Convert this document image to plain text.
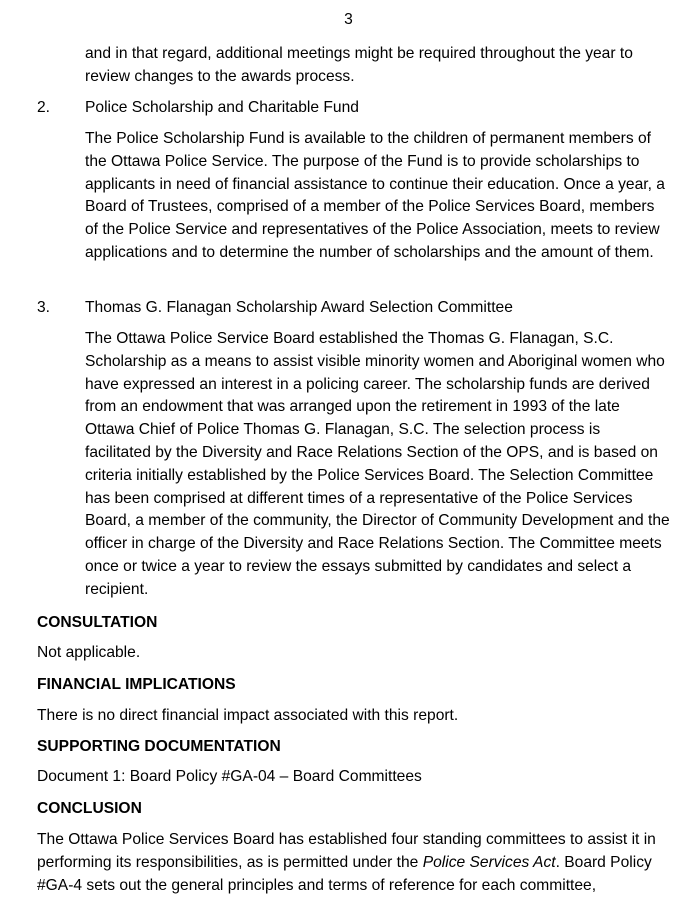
3

and in that regard, additional meetings might be required throughout the year to review changes to the awards process.

2. Police Scholarship and Charitable Fund

The Police Scholarship Fund is available to the children of permanent members of the Ottawa Police Service. The purpose of the Fund is to provide scholarships to applicants in need of financial assistance to continue their education. Once a year, a Board of Trustees, comprised of a member of the Police Services Board, members of the Police Service and representatives of the Police Association, meets to review applications and to determine the number of scholarships and the amount of them.

3. Thomas G. Flanagan Scholarship Award Selection Committee

The Ottawa Police Service Board established the Thomas G. Flanagan, S.C. Scholarship as a means to assist visible minority women and Aboriginal women who have expressed an interest in a policing career. The scholarship funds are derived from an endowment that was arranged upon the retirement in 1993 of the late Ottawa Chief of Police Thomas G. Flanagan, S.C. The selection process is facilitated by the Diversity and Race Relations Section of the OPS, and is based on criteria initially established by the Police Services Board. The Selection Committee has been comprised at different times of a representative of the Police Services Board, a member of the community, the Director of Community Development and the officer in charge of the Diversity and Race Relations Section. The Committee meets once or twice a year to review the essays submitted by candidates and select a recipient.

CONSULTATION

Not applicable.

FINANCIAL IMPLICATIONS

There is no direct financial impact associated with this report.

SUPPORTING DOCUMENTATION

Document 1: Board Policy #GA-04 – Board Committees

CONCLUSION

The Ottawa Police Services Board has established four standing committees to assist it in performing its responsibilities, as is permitted under the Police Services Act. Board Policy #GA-4 sets out the general principles and terms of reference for each committee,
